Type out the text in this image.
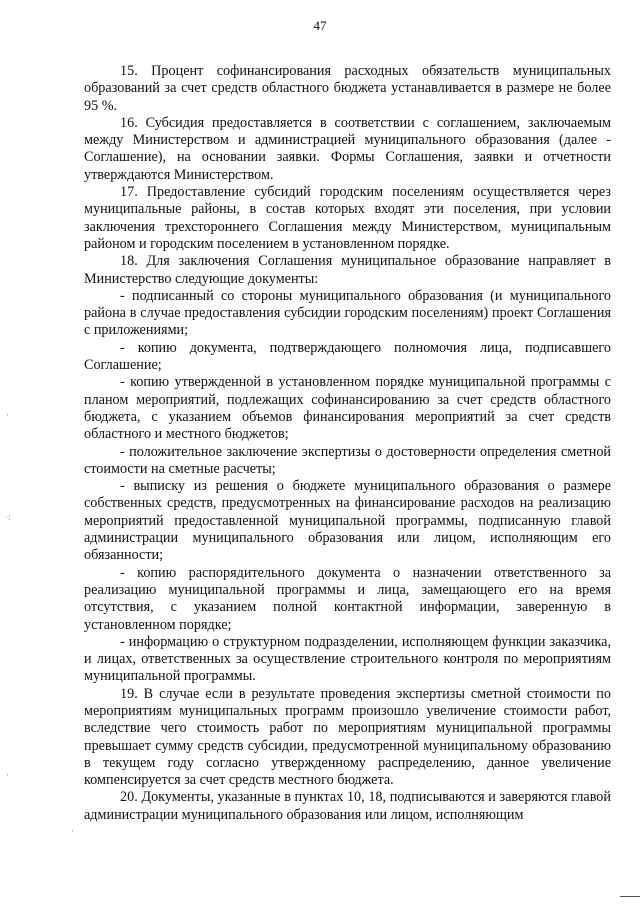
47

15. Процент софинансирования расходных обязательств муниципальных образований за счет средств областного бюджета устанавливается в размере не более 95 %.

16. Субсидия предоставляется в соответствии с соглашением, заключаемым между Министерством и администрацией муниципального образования (далее - Соглашение), на основании заявки. Формы Соглашения, заявки и отчетности утверждаются Министерством.

17. Предоставление субсидий городским поселениям осуществляется через муниципальные районы, в состав которых входят эти поселения, при условии заключения трехстороннего Соглашения между Министерством, муниципальным районом и городским поселением в установленном порядке.

18. Для заключения Соглашения муниципальное образование направляет в Министерство следующие документы:

- подписанный со стороны муниципального образования (и муниципального района в случае предоставления субсидии городским поселениям) проект Соглашения с приложениями;

- копию документа, подтверждающего полномочия лица, подписавшего Соглашение;

- копию утвержденной в установленном порядке муниципальной программы с планом мероприятий, подлежащих софинансированию за счет средств областного бюджета, с указанием объемов финансирования мероприятий за счет средств областного и местного бюджетов;

- положительное заключение экспертизы о достоверности определения сметной стоимости на сметные расчеты;

- выписку из решения о бюджете муниципального образования о размере собственных средств, предусмотренных на финансирование расходов на реализацию мероприятий предоставленной муниципальной программы, подписанную главой администрации муниципального образования или лицом, исполняющим его обязанности;

- копию распорядительного документа о назначении ответственного за реализацию муниципальной программы и лица, замещающего его на время отсутствия, с указанием полной контактной информации, заверенную в установленном порядке;

- информацию о структурном подразделении, исполняющем функции заказчика, и лицах, ответственных за осуществление строительного контроля по мероприятиям муниципальной программы.

19. В случае если в результате проведения экспертизы сметной стоимости по мероприятиям муниципальных программ произошло увеличение стоимости работ, вследствие чего стоимость работ по мероприятиям муниципальной программы превышает сумму средств субсидии, предусмотренной муниципальному образованию в текущем году согласно утвержденному распределению, данное увеличение компенсируется за счет средств местного бюджета.

20. Документы, указанные в пунктах 10, 18, подписываются и заверяются главой администрации муниципального образования или лицом, исполняющим

·
·:
·
·
